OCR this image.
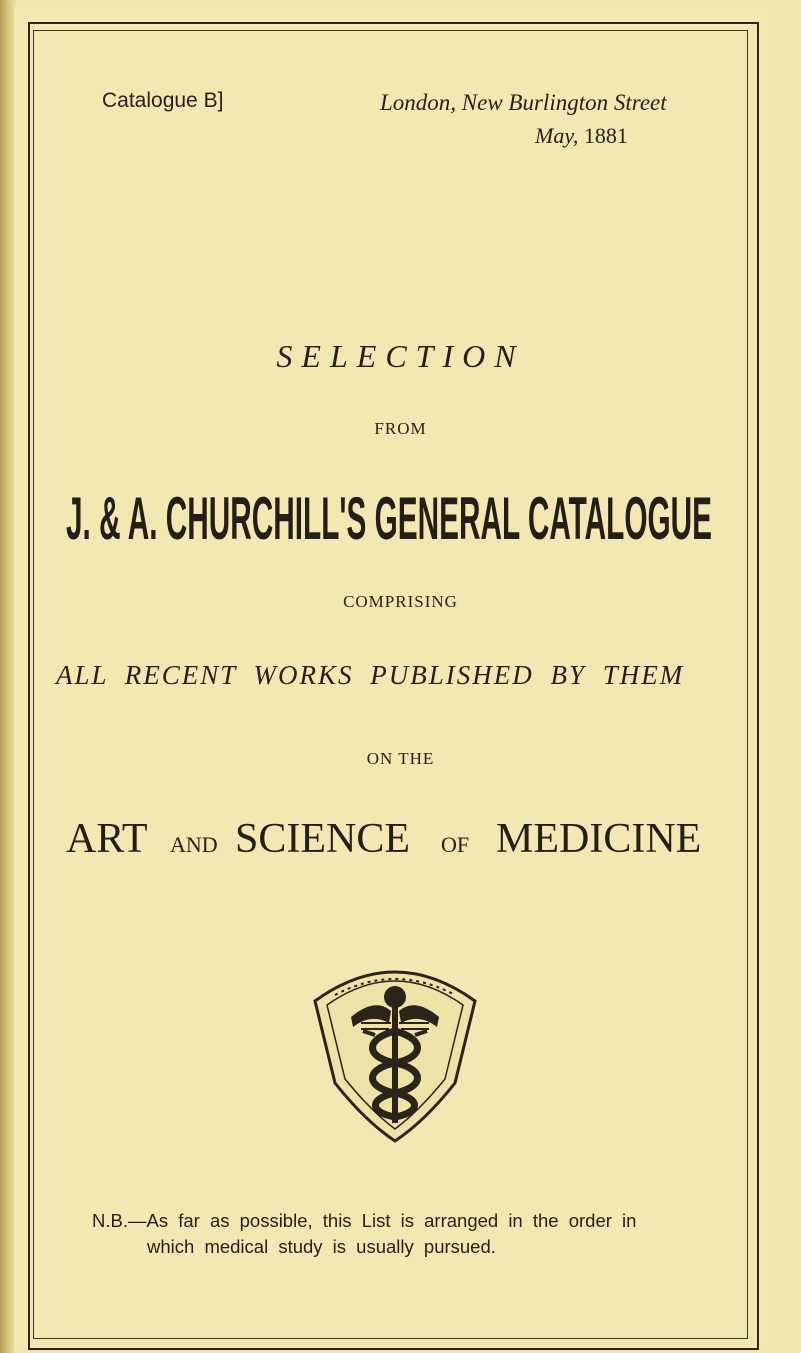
Catalogue B]	London, New Burlington Street
May, 1881
SELECTION
FROM
J. & A. CHURCHILL'S GENERAL CATALOGUE
COMPRISING
ALL RECENT WORKS PUBLISHED BY THEM
ON THE
ART AND SCIENCE OF MEDICINE
N.B.—As far as possible, this List is arranged in the order in
which medical study is usually pursued.
